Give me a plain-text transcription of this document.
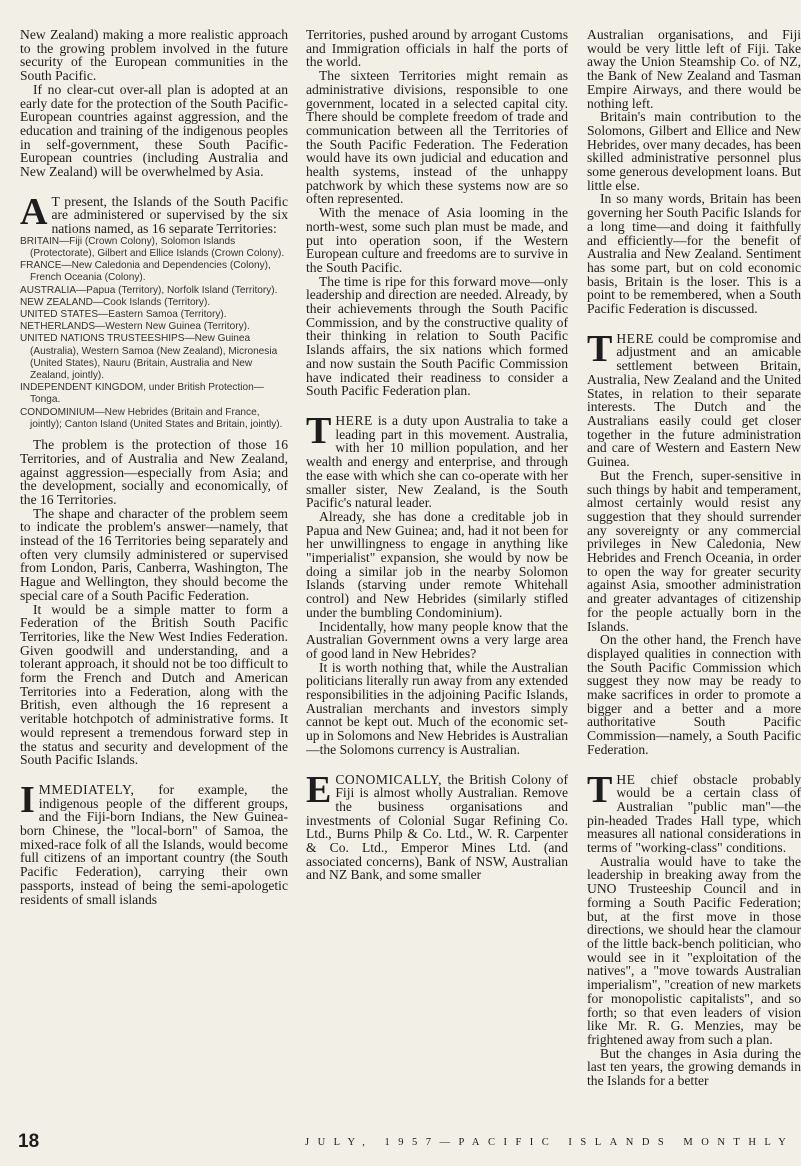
New Zealand) making a more realistic approach to the growing problem involved in the future security of the European communities in the South Pacific.

If no clear-cut over-all plan is adopted at an early date for the protection of the South Pacific-European countries against aggression, and the education and training of the indigenous peoples in self-government, these South Pacific-European countries (including Australia and New Zealand) will be overwhelmed by Asia.

A T present, the Islands of the South Pacific are administered or supervised by the six nations named, as 16 separate Territories:

BRITAIN—Fiji (Crown Colony), Solomon Islands (Protectorate), Gilbert and Ellice Islands (Crown Colony).
FRANCE—New Caledonia and Dependencies (Colony), French Oceania (Colony).
AUSTRALIA—Papua (Territory), Norfolk Island (Territory).
NEW ZEALAND—Cook Islands (Territory).
UNITED STATES—Eastern Samoa (Territory).
NETHERLANDS—Western New Guinea (Territory).
UNITED NATIONS TRUSTEESHIPS—New Guinea (Australia), Western Samoa (New Zealand), Micronesia (United States), Nauru (Britain, Australia and New Zealand, jointly).
INDEPENDENT KINGDOM, under British Protection—Tonga.
CONDOMINIUM—New Hebrides (Britain and France, jointly); Canton Island (United States and Britain, jointly).

The problem is the protection of those 16 Territories, and of Australia and New Zealand, against aggression—especially from Asia; and the development, socially and economically, of the 16 Territories.

The shape and character of the problem seem to indicate the problem's answer—namely, that instead of the 16 Territories being separately and often very clumsily administered or supervised from London, Paris, Canberra, Washington, The Hague and Wellington, they should become the special care of a South Pacific Federation.

It would be a simple matter to form a Federation of the British South Pacific Territories, like the New West Indies Federation. Given goodwill and understanding, and a tolerant approach, it should not be too difficult to form the French and Dutch and American Territories into a Federation, along with the British, even although the 16 represent a veritable hotchpotch of administrative forms. It would represent a tremendous forward step in the status and security and development of the South Pacific Islands.

IMMEDIATELY, for example, the indigenous people of the different groups, and the Fiji-born Indians, the New Guinea-born Chinese, the "local-born" of Samoa, the mixed-race folk of all the Islands, would become full citizens of an important country (the South Pacific Federation), carrying their own passports, instead of being the semi-apologetic residents of small islands

Territories, pushed around by arrogant Customs and Immigration officials in half the ports of the world.

The sixteen Territories might remain as administrative divisions, responsible to one government, located in a selected capital city. There should be complete freedom of trade and communication between all the Territories of the South Pacific Federation. The Federation would have its own judicial and education and health systems, instead of the unhappy patchwork by which these systems now are so often represented.

With the menace of Asia looming in the north-west, some such plan must be made, and put into operation soon, if the Western European culture and freedoms are to survive in the South Pacific.

The time is ripe for this forward move—only leadership and direction are needed. Already, by their achievements through the South Pacific Commission, and by the constructive quality of their thinking in relation to South Pacific Islands affairs, the six nations which formed and now sustain the South Pacific Commission have indicated their readiness to consider a South Pacific Federation plan.

THERE is a duty upon Australia to take a leading part in this movement. Australia, with her 10 million population, and her wealth and energy and enterprise, and through the ease with which she can co-operate with her smaller sister, New Zealand, is the South Pacific's natural leader.

Already, she has done a creditable job in Papua and New Guinea; and, had it not been for her unwillingness to engage in anything like "imperialist" expansion, she would by now be doing a similar job in the nearby Solomon Islands (starving under remote Whitehall control) and New Hebrides (similarly stifled under the bumbling Condominium).

Incidentally, how many people know that the Australian Government owns a very large area of good land in New Hebrides?

It is worth nothing that, while the Australian politicians literally run away from any extended responsibilities in the adjoining Pacific Islands, Australian merchants and investors simply cannot be kept out. Much of the economic set-up in Solomons and New Hebrides is Australian—the Solomons currency is Australian.

ECONOMICALLY, the British Colony of Fiji is almost wholly Australian. Remove the business organisations and investments of Colonial Sugar Refining Co. Ltd., Burns Philp & Co. Ltd., W. R. Carpenter & Co. Ltd., Emperor Mines Ltd. (and associated concerns), Bank of NSW, Australian and NZ Bank, and some smaller

Australian organisations, and Fiji would be very little left of Fiji. Take away the Union Steamship Co. of NZ, the Bank of New Zealand and Tasman Empire Airways, and there would be nothing left.

Britain's main contribution to the Solomons, Gilbert and Ellice and New Hebrides, over many decades, has been skilled administrative personnel plus some generous development loans. But little else.

In so many words, Britain has been governing her South Pacific Islands for a long time—and doing it faithfully and efficiently—for the benefit of Australia and New Zealand. Sentiment has some part, but on cold economic basis, Britain is the loser. This is a point to be remembered, when a South Pacific Federation is discussed.

THERE could be compromise and adjustment and an amicable settlement between Britain, Australia, New Zealand and the United States, in relation to their separate interests. The Dutch and the Australians easily could get closer together in the future administration and care of Western and Eastern New Guinea.

But the French, super-sensitive in such things by habit and temperament, almost certainly would resist any suggestion that they should surrender any sovereignty or any commercial privileges in New Caledonia, New Hebrides and French Oceania, in order to open the way for greater security against Asia, smoother administration and greater advantages of citizenship for the people actually born in the Islands.

On the other hand, the French have displayed qualities in connection with the South Pacific Commission which suggest they now may be ready to make sacrifices in order to promote a bigger and a better and a more authoritative South Pacific Commission—namely, a South Pacific Federation.

THE chief obstacle probably would be a certain class of Australian "public man"—the pin-headed Trades Hall type, which measures all national considerations in terms of "working-class" conditions.

Australia would have to take the leadership in breaking away from the UNO Trusteeship Council and in forming a South Pacific Federation; but, at the first move in those directions, we should hear the clamour of the little back-bench politician, who would see in it "exploitation of the natives", a "move towards Australian imperialism", "creation of new markets for monopolistic capitalists", and so forth; so that even leaders of vision like Mr. R. G. Menzies, may be frightened away from such a plan.

But the changes in Asia during the last ten years, the growing demands in the Islands for a better

18	JULY, 1957—PACIFIC ISLANDS MONTHLY
